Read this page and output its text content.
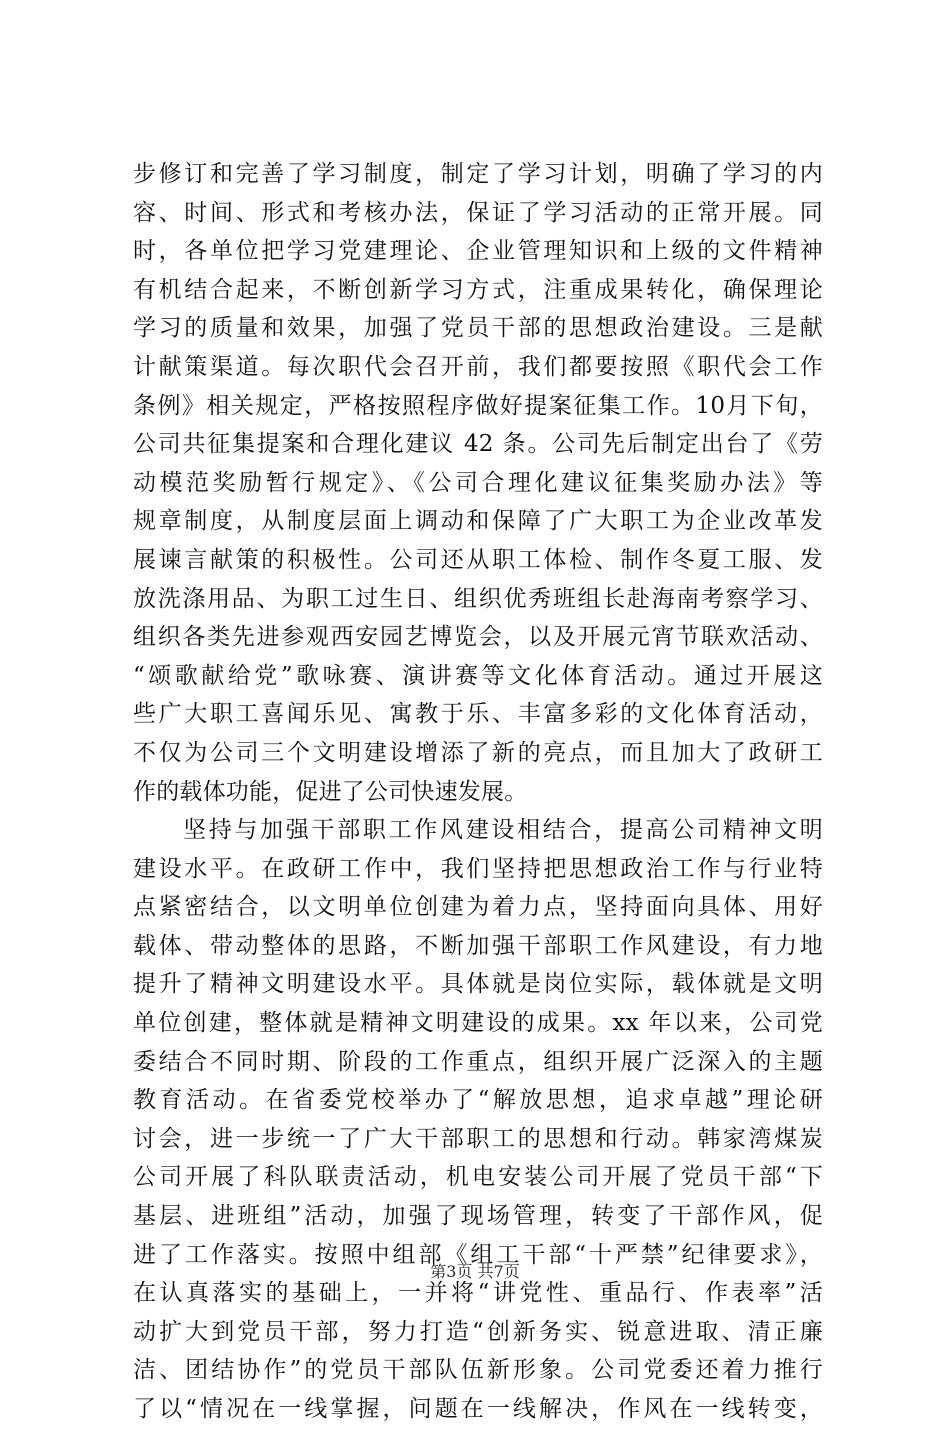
步修订和完善了学习制度，制定了学习计划，明确了学习的内
容、时间、形式和考核办法，保证了学习活动的正常开展。同
时，各单位把学习党建理论、企业管理知识和上级的文件精神
有机结合起来，不断创新学习方式，注重成果转化，确保理论
学习的质量和效果，加强了党员干部的思想政治建设。三是献
计献策渠道。每次职代会召开前，我们都要按照《职代会工作
条例》相关规定，严格按照程序做好提案征集工作。10月下旬，
公司共征集提案和合理化建议 42 条。公司先后制定出台了《劳
动模范奖励暂行规定》、《公司合理化建议征集奖励办法》等
规章制度，从制度层面上调动和保障了广大职工为企业改革发
展谏言献策的积极性。公司还从职工体检、制作冬夏工服、发
放洗涤用品、为职工过生日、组织优秀班组长赴海南考察学习、
组织各类先进参观西安园艺博览会，以及开展元宵节联欢活动、
“颂歌献给党”歌咏赛、演讲赛等文化体育活动。通过开展这
些广大职工喜闻乐见、寓教于乐、丰富多彩的文化体育活动，
不仅为公司三个文明建设增添了新的亮点，而且加大了政研工
作的载体功能，促进了公司快速发展。
坚持与加强干部职工作风建设相结合，提高公司精神文明
建设水平。在政研工作中，我们坚持把思想政治工作与行业特
点紧密结合，以文明单位创建为着力点，坚持面向具体、用好
载体、带动整体的思路，不断加强干部职工作风建设，有力地
提升了精神文明建设水平。具体就是岗位实际，载体就是文明
单位创建，整体就是精神文明建设的成果。xx 年以来，公司党
委结合不同时期、阶段的工作重点，组织开展广泛深入的主题
教育活动。在省委党校举办了“解放思想，追求卓越”理论研
讨会，进一步统一了广大干部职工的思想和行动。韩家湾煤炭
公司开展了科队联责活动，机电安装公司开展了党员干部“下
基层、进班组”活动，加强了现场管理，转变了干部作风，促
进了工作落实。按照中组部《组工干部“十严禁”纪律要求》，
在认真落实的基础上，一并将“讲党性、重品行、作表率”活
动扩大到党员干部，努力打造“创新务实、锐意进取、清正廉
洁、团结协作”的党员干部队伍新形象。公司党委还着力推行
了以“情况在一线掌握，问题在一线解决，作风在一线转变，
第3页 共7页
